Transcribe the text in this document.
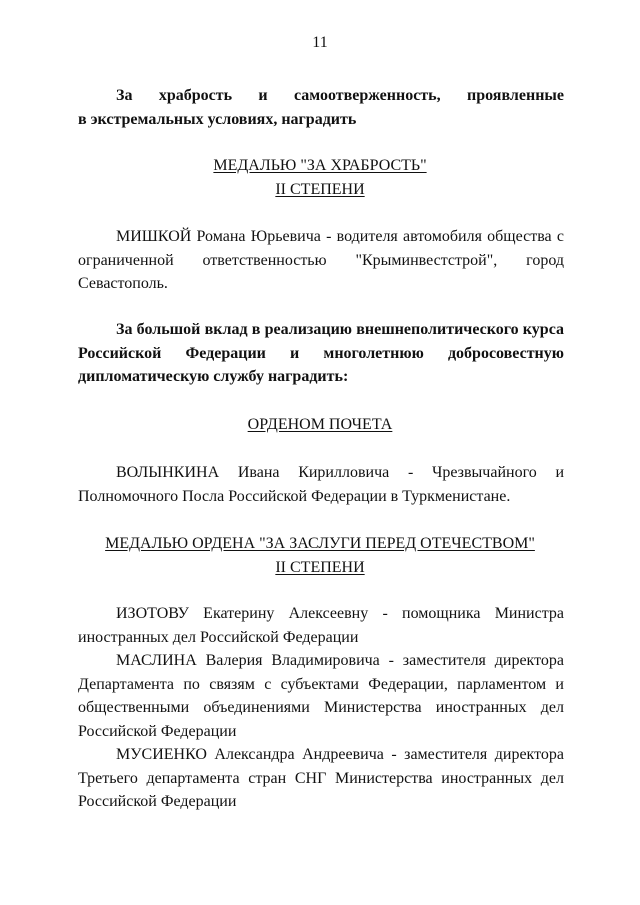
11
За храбрость и самоотверженность, проявленные
в экстремальных условиях, наградить
МЕДАЛЬЮ "ЗА ХРАБРОСТЬ"
II СТЕПЕНИ
МИШКОЙ Романа Юрьевича - водителя автомобиля общества с ограниченной ответственностью "Крыминвестстрой", город Севастополь.
За большой вклад в реализацию внешнеполитического курса Российской Федерации и многолетнюю добросовестную дипломатическую службу наградить:
ОРДЕНОМ ПОЧЕТА
ВОЛЫНКИНА Ивана Кирилловича - Чрезвычайного и Полномочного Посла Российской Федерации в Туркменистане.
МЕДАЛЬЮ ОРДЕНА "ЗА ЗАСЛУГИ ПЕРЕД ОТЕЧЕСТВОМ"
II СТЕПЕНИ
ИЗОТОВУ Екатерину Алексеевну - помощника Министра иностранных дел Российской Федерации
МАСЛИНА Валерия Владимировича - заместителя директора Департамента по связям с субъектами Федерации, парламентом и общественными объединениями Министерства иностранных дел Российской Федерации
МУСИЕНКО Александра Андреевича - заместителя директора Третьего департамента стран СНГ Министерства иностранных дел Российской Федерации
